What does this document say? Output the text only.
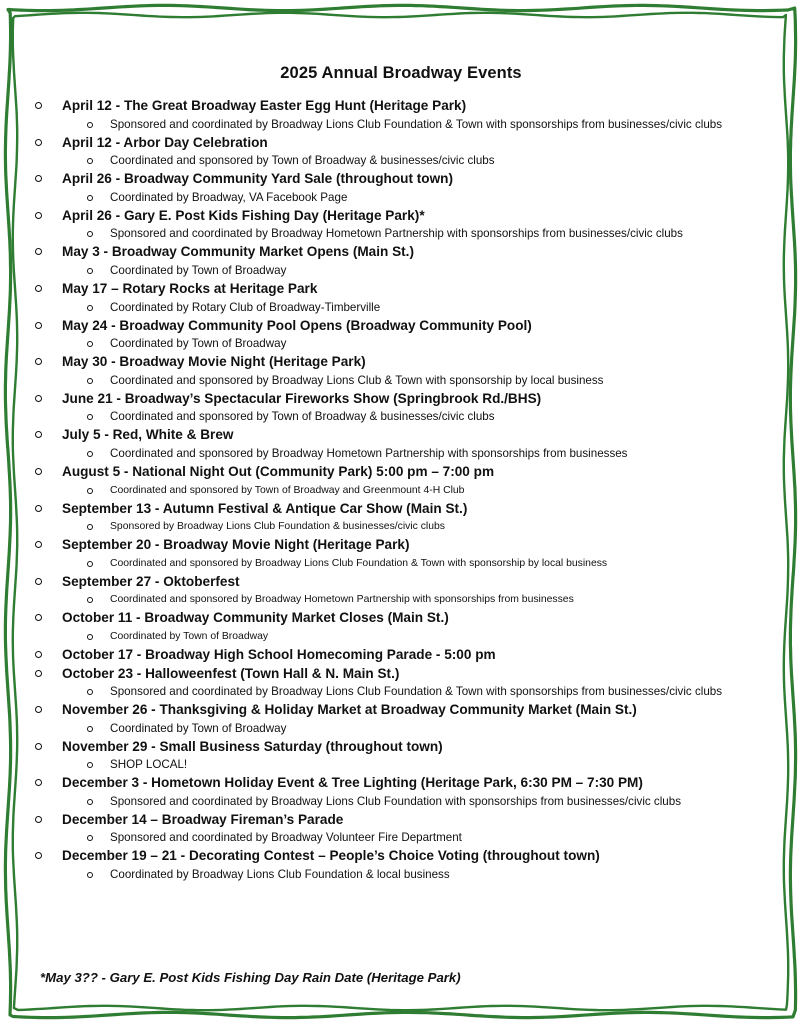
2025 Annual Broadway Events
April 12 - The Great Broadway Easter Egg Hunt (Heritage Park)
Sponsored and coordinated by Broadway Lions Club Foundation & Town with sponsorships from businesses/civic clubs
April 12 - Arbor Day Celebration
Coordinated and sponsored by Town of Broadway & businesses/civic clubs
April 26 - Broadway Community Yard Sale (throughout town)
Coordinated by Broadway, VA Facebook Page
April 26 - Gary E. Post Kids Fishing Day (Heritage Park)*
Sponsored and coordinated by Broadway Hometown Partnership with sponsorships from businesses/civic clubs
May 3 - Broadway Community Market Opens (Main St.)
Coordinated by Town of Broadway
May 17 – Rotary Rocks at Heritage Park
Coordinated by Rotary Club of Broadway-Timberville
May 24 - Broadway Community Pool Opens (Broadway Community Pool)
Coordinated by Town of Broadway
May 30 - Broadway Movie Night (Heritage Park)
Coordinated and sponsored by Broadway Lions Club & Town with sponsorship by local business
June 21 - Broadway’s Spectacular Fireworks Show (Springbrook Rd./BHS)
Coordinated and sponsored by Town of Broadway & businesses/civic clubs
July 5 - Red, White & Brew
Coordinated and sponsored by Broadway Hometown Partnership with sponsorships from businesses
August 5 - National Night Out (Community Park) 5:00 pm – 7:00 pm
Coordinated and sponsored by Town of Broadway and Greenmount 4-H Club
September 13 - Autumn Festival & Antique Car Show (Main St.)
Sponsored by Broadway Lions Club Foundation & businesses/civic clubs
September 20 - Broadway Movie Night (Heritage Park)
Coordinated and sponsored by Broadway Lions Club Foundation & Town with sponsorship by local business
September 27 - Oktoberfest
Coordinated and sponsored by Broadway Hometown Partnership with sponsorships from businesses
October 11 - Broadway Community Market Closes (Main St.)
Coordinated by Town of Broadway
October 17 - Broadway High School Homecoming Parade - 5:00 pm
October 23 - Halloweenfest (Town Hall & N. Main St.)
Sponsored and coordinated by Broadway Lions Club Foundation & Town with sponsorships from businesses/civic clubs
November 26 - Thanksgiving & Holiday Market at Broadway Community Market (Main St.)
Coordinated by Town of Broadway
November 29 - Small Business Saturday (throughout town)
SHOP LOCAL!
December 3 - Hometown Holiday Event & Tree Lighting (Heritage Park, 6:30 PM – 7:30 PM)
Sponsored and coordinated by Broadway Lions Club Foundation with sponsorships from businesses/civic clubs
December 14 – Broadway Fireman’s Parade
Sponsored and coordinated by Broadway Volunteer Fire Department
December 19 – 21 - Decorating Contest – People’s Choice Voting (throughout town)
Coordinated by Broadway Lions Club Foundation & local business
*May 3?? - Gary E. Post Kids Fishing Day Rain Date (Heritage Park)
